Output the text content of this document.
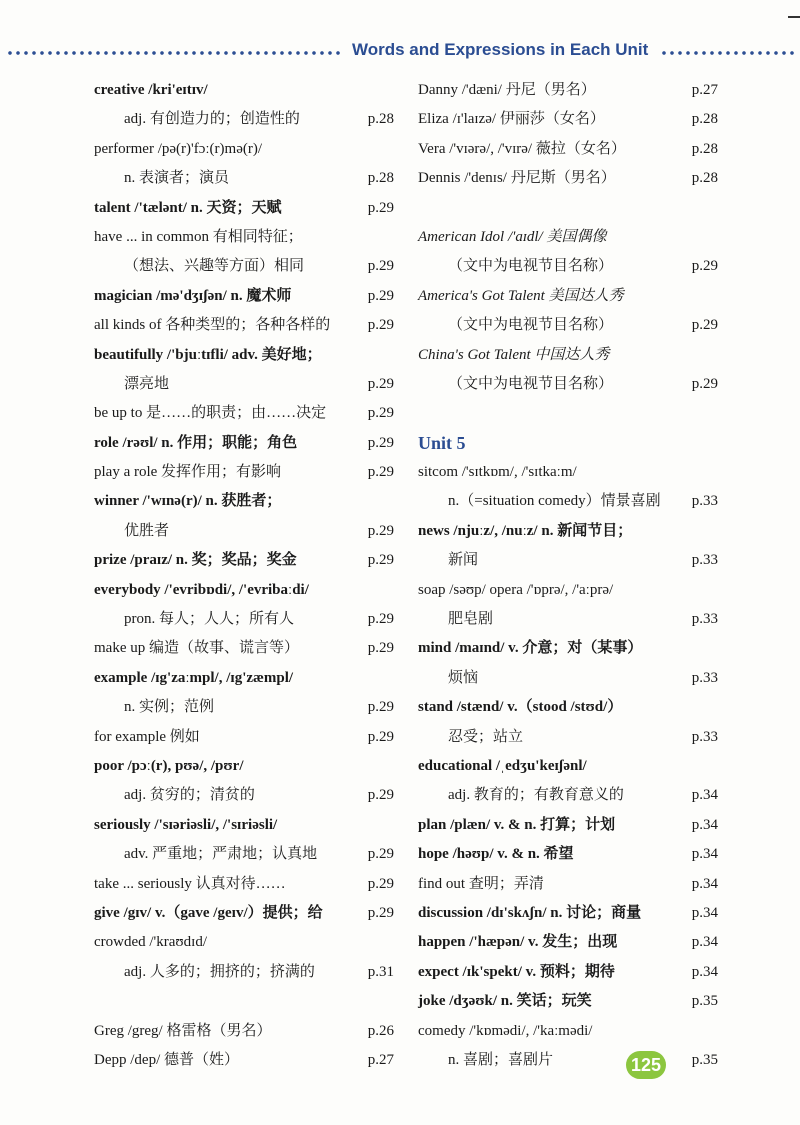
Words and Expressions in Each Unit
creative /kri'eɪtɪv/
adj. 有创造力的；创造性的	p.28
performer /pə(r)'fɔː(r)mə(r)/
n. 表演者；演员	p.28
talent /'tælənt/ n. 天资；天赋	p.29
have ... in common 有相同特征；
（想法、兴趣等方面）相同	p.29
magician /mə'dʒɪʃən/ n. 魔术师	p.29
all kinds of 各种类型的；各种各样的	p.29
beautifully /'bjuːtɪfli/ adv. 美好地；
漂亮地	p.29
be up to 是……的职责；由……决定	p.29
role /rəʊl/ n. 作用；职能；角色	p.29
play a role 发挥作用；有影响	p.29
winner /'wɪnə(r)/ n. 获胜者；
优胜者	p.29
prize /praɪz/ n. 奖；奖品；奖金	p.29
everybody /'evribɒdi/, /'evribaːdi/
pron. 每人；人人；所有人	p.29
make up 编造（故事、谎言等）	p.29
example /ɪg'zaːmpl/, /ɪg'zæmpl/
n. 实例；范例	p.29
for example 例如	p.29
poor /pɔː(r), pʊə/, /pʊr/
adj. 贫穷的；清贫的	p.29
seriously /'sɪəriəsli/, /'sɪriəsli/
adv. 严重地；严肃地；认真地	p.29
take ... seriously 认真对待……	p.29
give /gɪv/ v.（gave /geɪv/）提供；给	p.29
crowded /'kraʊdɪd/
adj. 人多的；拥挤的；挤满的	p.31
Greg /greg/ 格雷格（男名）	p.26
Depp /dep/ 德普（姓）	p.27
Danny /'dæni/ 丹尼（男名）	p.27
Eliza /ɪ'laɪzə/ 伊丽莎（女名）	p.28
Vera /'vɪərə/, /'vɪrə/ 薇拉（女名）	p.28
Dennis /'denɪs/ 丹尼斯（男名）	p.28
American Idol /'aɪdl/ 美国偶像
（文中为电视节目名称）	p.29
America's Got Talent 美国达人秀
（文中为电视节目名称）	p.29
China's Got Talent 中国达人秀
（文中为电视节目名称）	p.29
Unit 5
sitcom /'sɪtkɒm/, /'sɪtkaːm/
n.（=situation comedy）情景喜剧 p.33
news /njuːz/, /nuːz/ n. 新闻节目；
新闻	p.33
soap /səʊp/ opera /'ɒprə/, /'aːprə/
肥皂剧	p.33
mind /maɪnd/ v. 介意；对（某事）
烦恼	p.33
stand /stænd/ v.（stood /stʊd/）
忍受；站立	p.33
educational /ˌedʒu'keɪʃənl/
adj. 教育的；有教育意义的	p.34
plan /plæn/ v. & n. 打算；计划	p.34
hope /həʊp/ v. & n. 希望	p.34
find out 查明；弄清	p.34
discussion /dɪ'skʌʃn/ n. 讨论；商量	p.34
happen /'hæpən/ v. 发生；出现	p.34
expect /ɪk'spekt/ v. 预料；期待	p.34
joke /dʒəʊk/ n. 笑话；玩笑	p.35
comedy /'kɒmədi/, /'kaːmədi/
n. 喜剧；喜剧片	p.35
125
